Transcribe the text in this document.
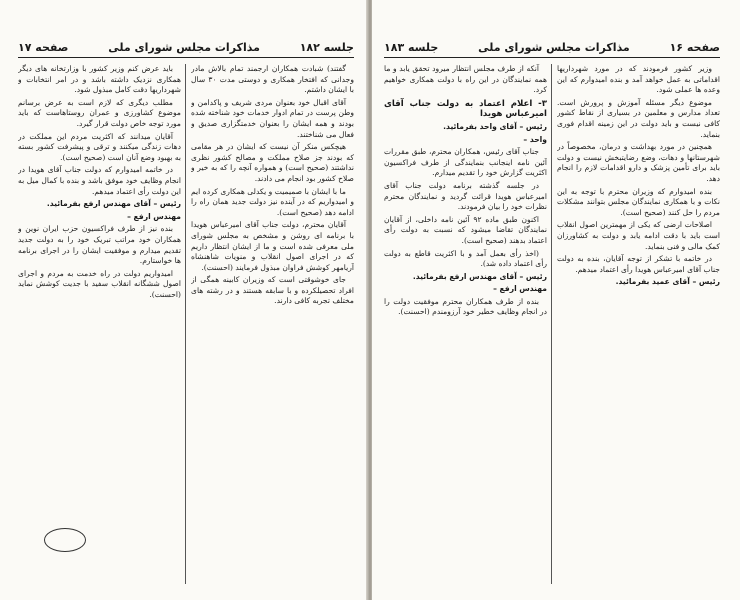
جلسه ۱۸۲
مذاکرات مجلس شورای ملی
صفحه ۱۷

گفتند) شبادت همکاران ارجمند تمام بالاش مادر وجدانی که افتخار همکاری و دوستی مدت ۳۰ سال با ایشان داشتم.

آقای اقبال خود بعنوان مردی شریف و پاکدامن و وطن پرست در تمام ادوار خدمات خود شناخته شده بودند و همه ایشان را بعنوان خدمتگزاری صدیق و فعال می شناختند.

هیچکس منکر آن نیست که ایشان در هر مقامی که بودند جز صلاح مملکت و مصالح کشور نظری نداشتند (صحیح است) و همواره آنچه را که به خیر و صلاح کشور بود انجام می دادند.

ما با ایشان با صمیمیت و یکدلی همکاری کرده ایم و امیدواریم که در آینده نیز دولت جدید همان راه را ادامه دهد (صحیح است).

آقایان محترم، دولت جناب آقای امیرعباس هویدا با برنامه ای روشن و مشخص به مجلس شورای ملی معرفی شده است و ما از ایشان انتظار داریم که در اجرای اصول انقلاب و منویات شاهنشاه آریامهر کوشش فراوان مبذول فرمایند (احسنت).

جای خوشوقتی است که وزیران کابینه همگی از افراد تحصیلکرده و با سابقه هستند و در رشته های مختلف تجربه کافی دارند.

باید عرض کنم وزیر کشور با وزارتخانه های دیگر همکاری نزدیک داشته باشد و در امر انتخابات و شهرداریها دقت کامل مبذول شود.

مطلب دیگری که لازم است به عرض برسانم موضوع کشاورزی و عمران روستاهاست که باید مورد توجه خاص دولت قرار گیرد.

آقایان میدانند که اکثریت مردم این مملکت در دهات زندگی میکنند و ترقی و پیشرفت کشور بسته به بهبود وضع آنان است (صحیح است).

در خاتمه امیدوارم که دولت جناب آقای هویدا در انجام وظایف خود موفق باشد و بنده با کمال میل به این دولت رأی اعتماد میدهم.

رئیس – آقای مهندس ارفع بفرمائید.

مهندس ارفع –

بنده نیز از طرف فراکسیون حزب ایران نوین و همکاران خود مراتب تبریک خود را به دولت جدید تقدیم میدارم و موفقیت ایشان را در اجرای برنامه ها خواستارم.

امیدواریم دولت در راه خدمت به مردم و اجرای اصول ششگانه انقلاب سفید با جدیت کوشش نماید (احسنت).

صفحه ۱۶
مذاکرات مجلس شورای ملی
جلسه ۱۸۳

وزیر کشور فرمودند که در مورد شهرداریها اقداماتی به عمل خواهد آمد و بنده امیدوارم که این وعده ها عملی شود.

موضوع دیگر مسئله آموزش و پرورش است. تعداد مدارس و معلمین در بسیاری از نقاط کشور کافی نیست و باید دولت در این زمینه اقدام فوری بنماید.

همچنین در مورد بهداشت و درمان، مخصوصاً در شهرستانها و دهات، وضع رضایتبخش نیست و دولت باید برای تأمین پزشک و دارو اقدامات لازم را انجام دهد.

بنده امیدوارم که وزیران محترم با توجه به این نکات و با همکاری نمایندگان مجلس بتوانند مشکلات مردم را حل کنند (صحیح است).

اصلاحات ارضی که یکی از مهمترین اصول انقلاب است باید با دقت ادامه یابد و دولت به کشاورزان کمک مالی و فنی بنماید.

در خاتمه با تشکر از توجه آقایان، بنده به دولت جناب آقای امیرعباس هویدا رأی اعتماد میدهم.

رئیس – آقای عمید بفرمائید.

آنکه از طرف مجلس انتظار میرود تحقق یابد و ما همه نمایندگان در این راه با دولت همکاری خواهیم کرد.

۳- اعلام اعتماد به دولت جناب آقای امیرعباس هویدا

رئیس – آقای واحد بفرمائید.

واحد –

جناب آقای رئیس، همکاران محترم، طبق مقررات آئین نامه اینجانب بنمایندگی از طرف فراکسیون اکثریت گزارش خود را تقدیم میدارم.

در جلسه گذشته برنامه دولت جناب آقای امیرعباس هویدا قرائت گردید و نمایندگان محترم نظرات خود را بیان فرمودند.

اکنون طبق ماده ۹۲ آئین نامه داخلی، از آقایان نمایندگان تقاضا میشود که نسبت به دولت رأی اعتماد بدهند (صحیح است).

(اخذ رأی بعمل آمد و با اکثریت قاطع به دولت رأی اعتماد داده شد).

رئیس – آقای مهندس ارفع بفرمائید.

مهندس ارفع –

بنده از طرف همکاران محترم موفقیت دولت را در انجام وظایف خطیر خود آرزومندم (احسنت).
